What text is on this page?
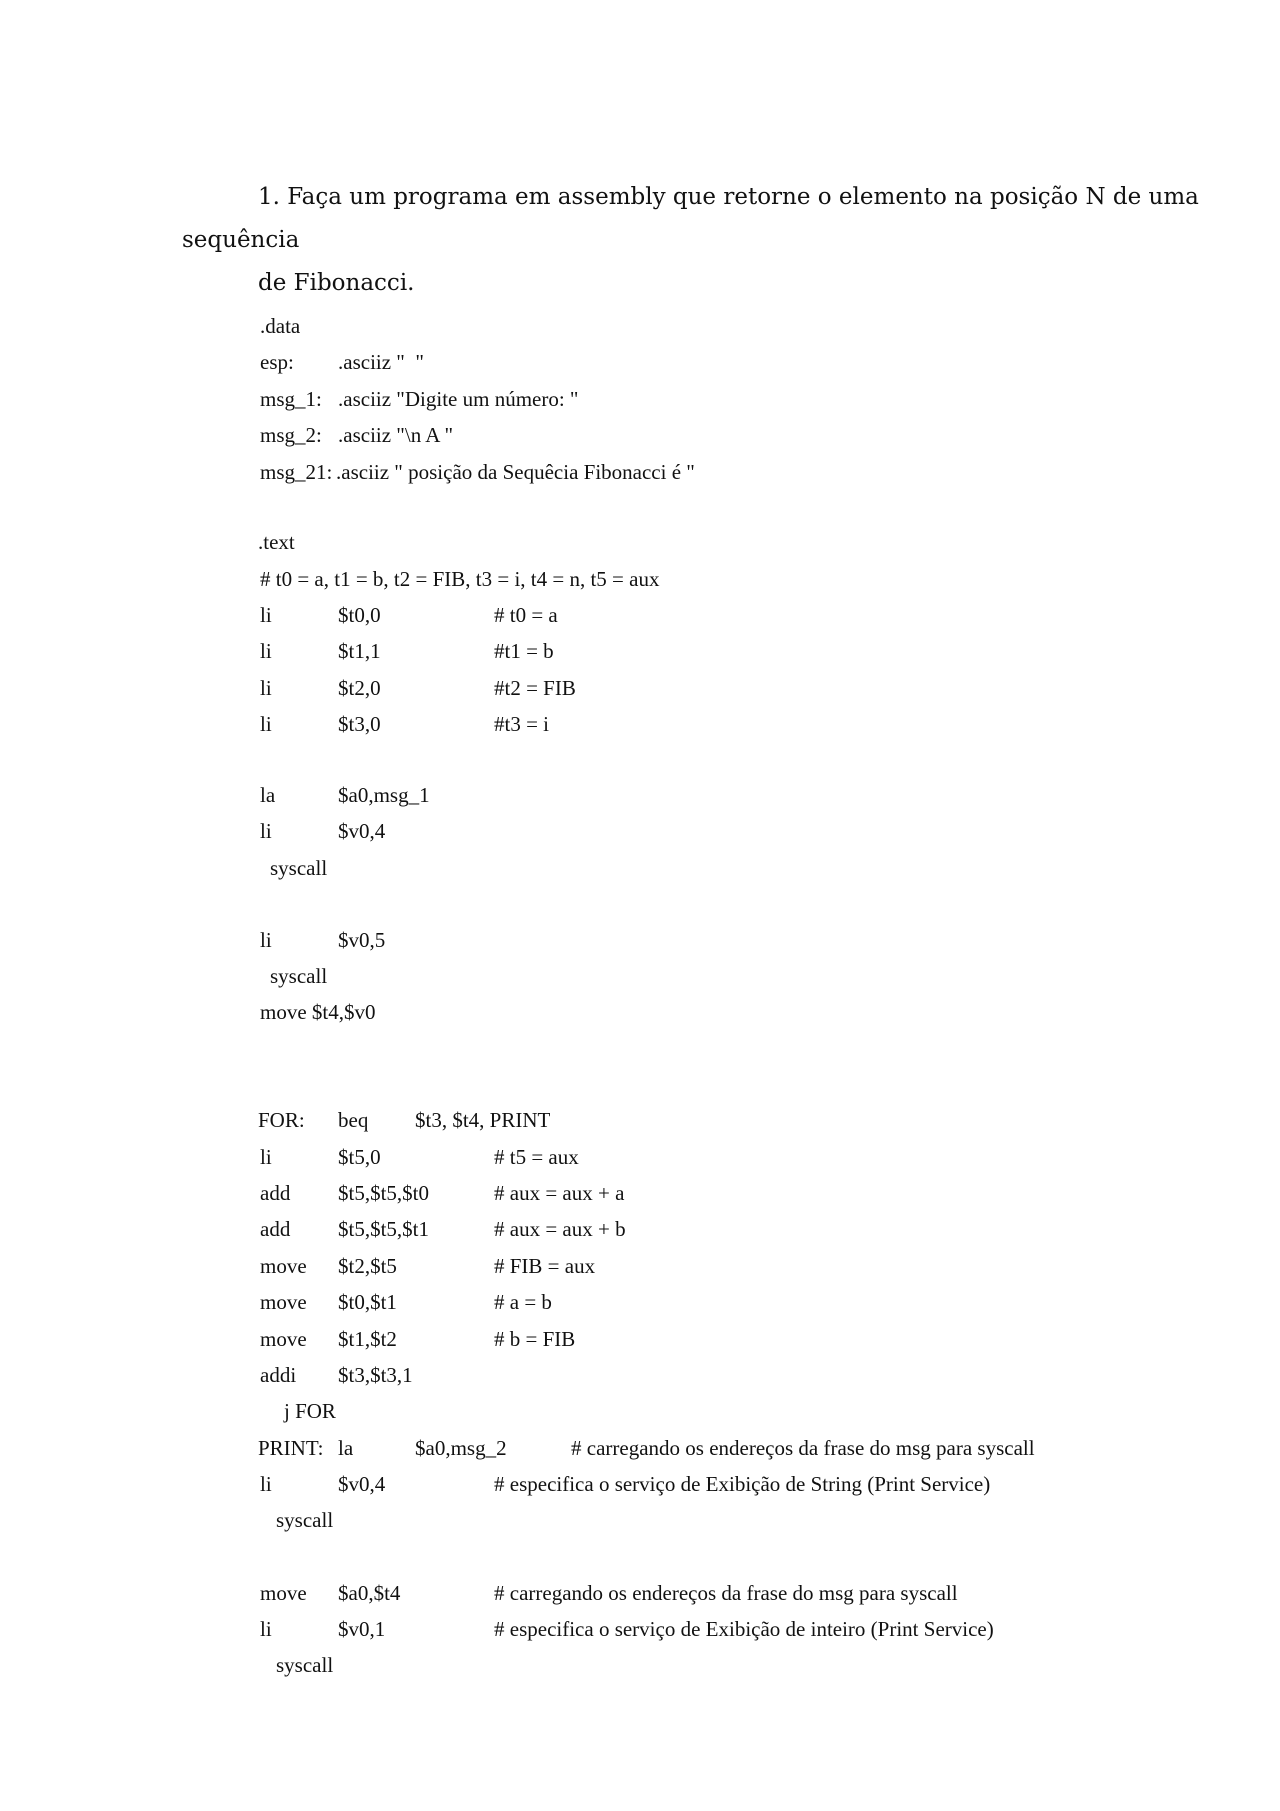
1. Faça um programa em assembly que retorne o elemento na posição N de uma
sequência
de Fibonacci.
.data
esp: .asciiz "  "
msg_1: .asciiz "Digite um número: "
msg_2: .asciiz "\n A "
msg_21: .asciiz " posição da Sequêcia Fibonacci é "
.text
# t0 = a, t1 = b, t2 = FIB, t3 = i, t4 = n, t5 = aux
li	$t0,0	# t0 = a
li	$t1,1	#t1 = b
li	$t2,0	#t2 = FIB
li	$t3,0	#t3 = i
la	$a0,msg_1
li	$v0,4
syscall
li	$v0,5
syscall
move $t4,$v0
FOR: beq $t3, $t4, PRINT
li	$t5,0	# t5 = aux
add $t5,$t5,$t0	# aux = aux + a
add $t5,$t5,$t1	# aux = aux + b
move $t2,$t5	# FIB = aux
move $t0,$t1	# a = b
move $t1,$t2	# b = FIB
addi $t3,$t3,1
j FOR
PRINT: la	$a0,msg_2	# carregando os endereços da frase do msg para syscall
li	$v0,4	# especifica o serviço de Exibição de String (Print Service)
syscall
move $a0,$t4	# carregando os endereços da frase do msg para syscall
li	$v0,1	# especifica o serviço de Exibição de inteiro (Print Service)
syscall
